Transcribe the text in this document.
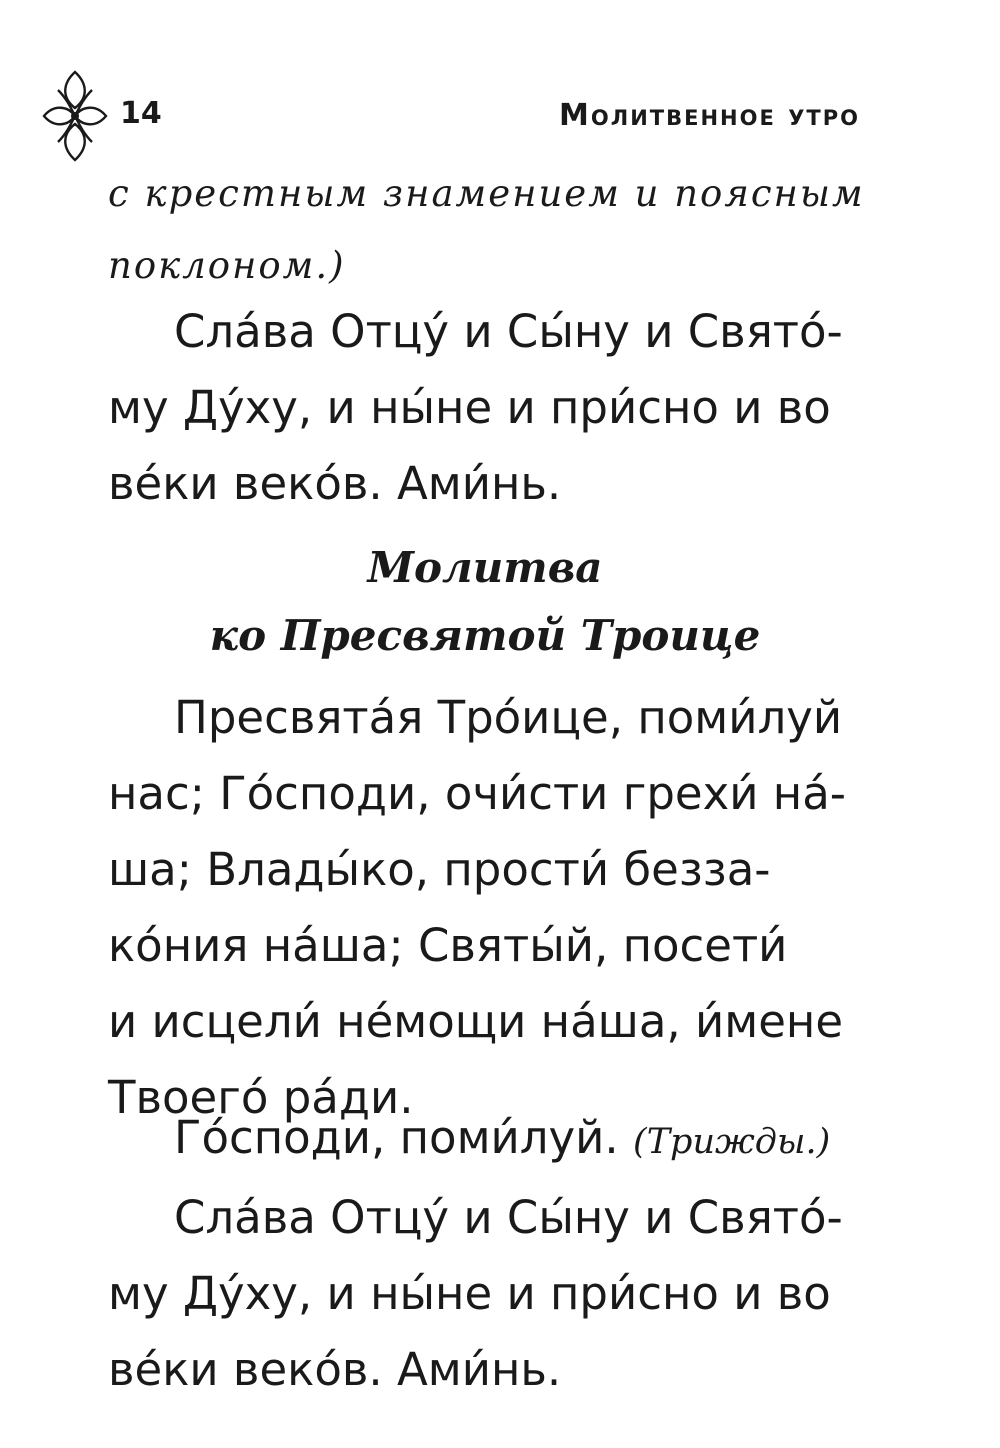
14	Молитвенное утро
с крестным знамением и поясным
поклоном.)
Сла́ва Отцу́ и Сы́ну и Свято́-
му Ду́ху, и ны́не и при́сно и во
ве́ки веко́в. Ами́нь.
Молитва
ко Пресвятой Троице
Пресвята́я Тро́ице, поми́луй
нас; Го́споди, очи́сти грехи́ на́-
ша; Влады́ко, прости́ безза-
ко́ния на́ша; Святы́й, посети́
и исцели́ не́мощи на́ша, и́мене
Твоего́ ра́ди.
Го́споди, поми́луй. (Трижды.)
Сла́ва Отцу́ и Сы́ну и Свято́-
му Ду́ху, и ны́не и при́сно и во
ве́ки веко́в. Ами́нь.
